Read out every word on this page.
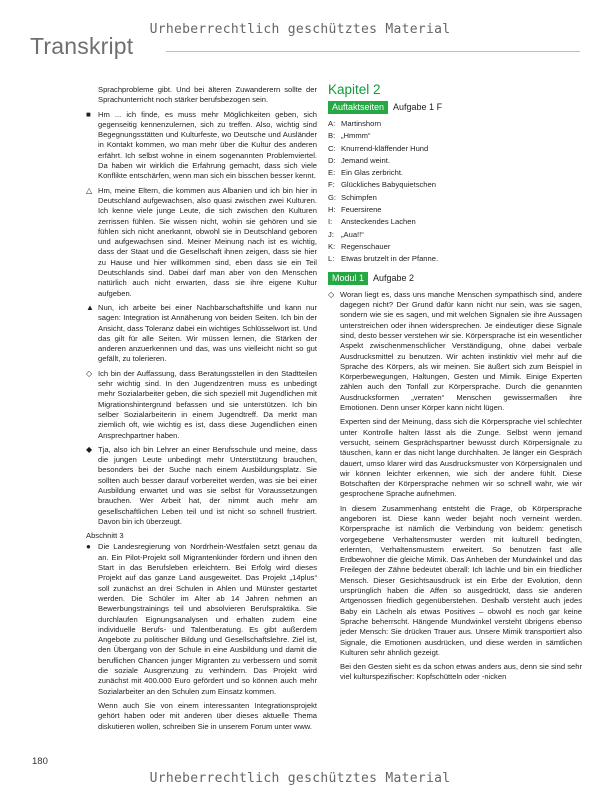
Urheberrechtlich geschütztes Material
Transkript

Sprachprobleme gibt. Und bei älteren Zuwanderern sollte der Sprachunterricht noch stärker berufsbezogen sein.

■ Hm ... ich finde, es muss mehr Möglichkeiten geben, sich gegenseitig kennenzulernen, sich zu treffen. Also, wichtig sind Begegnungsstätten und Kulturfeste, wo Deutsche und Ausländer in Kontakt kommen, wo man mehr über die Kultur des anderen erfährt. Ich selbst wohne in einem sogenannten Problemviertel. Da haben wir wirklich die Erfahrung gemacht, dass sich viele Konflikte entschärfen, wenn man sich ein bisschen besser kennt.
△ Hm, meine Eltern, die kommen aus Albanien und ich bin hier in Deutschland aufgewachsen, also quasi zwischen zwei Kulturen. Ich kenne viele junge Leute, die sich zwischen den Kulturen zerrissen fühlen. Sie wissen nicht, wohin sie gehören und sie fühlen sich nicht anerkannt, obwohl sie in Deutschland geboren und aufgewachsen sind. Meiner Meinung nach ist es wichtig, dass der Staat und die Gesellschaft ihnen zeigen, dass sie hier zu Hause und hier willkommen sind, eben dass sie ein Teil Deutschlands sind. Dabei darf man aber von den Menschen natürlich auch nicht erwarten, dass sie ihre eigene Kultur aufgeben.
▲ Nun, ich arbeite bei einer Nachbarschaftshilfe und kann nur sagen: Integration ist Annäherung von beiden Seiten. Ich bin der Ansicht, dass Toleranz dabei ein wichtiges Schlüsselwort ist. Und das gilt für alle Seiten. Wir müssen lernen, die Stärken der anderen anzuerkennen und das, was uns vielleicht nicht so gut gefällt, zu tolerieren.
◇ Ich bin der Auffassung, dass Beratungsstellen in den Stadtteilen sehr wichtig sind. In den Jugendzentren muss es unbedingt mehr Sozialarbeiter geben, die sich speziell mit Jugendlichen mit Migrationshintergrund befassen und sie unterstützen. Ich bin selber Sozialarbeiterin in einem Jugendtreff. Da merkt man ziemlich oft, wie wichtig es ist, dass diese Jugendlichen einen Ansprechpartner haben.
◆ Tja, also ich bin Lehrer an einer Berufsschule und meine, dass die jungen Leute unbedingt mehr Unterstützung brauchen, besonders bei der Suche nach einem Ausbildungsplatz. Sie sollten auch besser darauf vorbereitet werden, was sie bei einer Ausbildung erwartet und was sie selbst für Voraussetzungen brauchen. Wer Arbeit hat, der nimmt auch mehr am gesellschaftlichen Leben teil und ist nicht so schnell frustriert. Davon bin ich überzeugt.
Abschnitt 3
● Die Landesregierung von Nordrhein-Westfalen setzt genau da an. Ein Pilot-Projekt soll Migrantenkinder fördern und ihnen den Start in das Berufsleben erleichtern. Bei Erfolg wird dieses Projekt auf das ganze Land ausgeweitet. Das Projekt „14plus“ soll zunächst an drei Schulen in Ahlen und Münster gestartet werden. Die Schüler im Alter ab 14 Jahren nehmen an Bewerbungstrainings teil und absolvieren Berufspraktika. Sie durchlaufen Eignungsanalysen und erhalten zudem eine individuelle Berufs- und Talentberatung. Es gibt außerdem Angebote zu politischer Bildung und Gesellschaftslehre. Ziel ist, den Übergang von der Schule in eine Ausbildung und damit die beruflichen Chancen junger Migranten zu verbessern und somit die soziale Ausgrenzung zu verhindern. Das Projekt wird zunächst mit 400.000 Euro gefördert und so können auch mehr Sozialarbeiter an den Schulen zum Einsatz kommen.

Wenn auch Sie von einem interessanten Integrationsprojekt gehört haben oder mit anderen über dieses aktuelle Thema diskutieren wollen, schreiben Sie in unserem Forum unter www.

Kapitel 2
Auftaktseiten	Aufgabe 1 F
A: Martinshorn
B: „Hmmm“
C: Knurrend-kläffender Hund
D: Jemand weint.
E: Ein Glas zerbricht.
F: Glückliches Babyquietschen
G: Schimpfen
H: Feuersirene
I:	Ansteckendes Lachen
J: „Aua!!“
K: Regenschauer
L: Etwas brutzelt in der Pfanne.
Modul 1	Aufgabe 2
◇ Woran liegt es, dass uns manche Menschen sympathisch sind, andere dagegen nicht? Der Grund dafür kann nicht nur sein, was sie sagen, sondern wie sie es sagen, und mit welchen Signalen sie ihre Aussagen unterstreichen oder ihnen widersprechen. Je eindeutiger diese Signale sind, desto besser verstehen wir sie. Körpersprache ist ein wesentlicher Aspekt zwischenmenschlicher Verständigung, ohne dabei verbale Ausdrucksmittel zu benutzen. Wir achten instinktiv viel mehr auf die Sprache des Körpers, als wir meinen. Sie äußert sich zum Beispiel in Körperbewegungen, Haltungen, Gesten und Mimik. Einige Experten zählen auch den Tonfall zur Körpersprache. Durch die genannten Ausdrucksformen „verraten“ Menschen gewissermaßen ihre Emotionen. Denn unser Körper kann nicht lügen.

Experten sind der Meinung, dass sich die Körpersprache viel schlechter unter Kontrolle halten lässt als die Zunge. Selbst wenn jemand versucht, seinem Gesprächspartner bewusst durch Körpersignale zu täuschen, kann er das nicht lange durchhalten. Je länger ein Gespräch dauert, umso klarer wird das Ausdrucksmuster von Körpersignalen und wir können leichter erkennen, wie sich der andere fühlt. Diese Botschaften der Körpersprache nehmen wir so schnell wahr, wie wir gesprochene Sprache aufnehmen.

In diesem Zusammenhang entsteht die Frage, ob Körpersprache angeboren ist. Diese kann weder bejaht noch verneint werden. Körpersprache ist nämlich die Verbindung von beidem: genetisch vorgegebene Verhaltensmuster werden mit kulturell bedingten, erlernten, Verhaltensmustern erweitert. So benutzen fast alle Erdbewohner die gleiche Mimik. Das Anheben der Mundwinkel und das Freilegen der Zähne bedeutet überall: Ich lächle und bin ein friedlicher Mensch. Dieser Gesichtsausdruck ist ein Erbe der Evolution, denn ursprünglich haben die Affen so ausgedrückt, dass sie anderen Artgenossen friedlich gegenüberstehen. Deshalb versteht auch jedes Baby ein Lächeln als etwas Positives – obwohl es noch gar keine Sprache beherrscht. Hängende Mundwinkel versteht übrigens ebenso jeder Mensch: Sie drücken Trauer aus. Unsere Mimik transportiert also Signale, die Emotionen ausdrücken, und diese werden in sämtlichen Kulturen sehr ähnlich gezeigt.

Bei den Gesten sieht es da schon etwas anders aus, denn sie sind sehr viel kulturspezifischer: Kopfschütteln oder -nicken

180
Urheberrechtlich geschütztes Material
